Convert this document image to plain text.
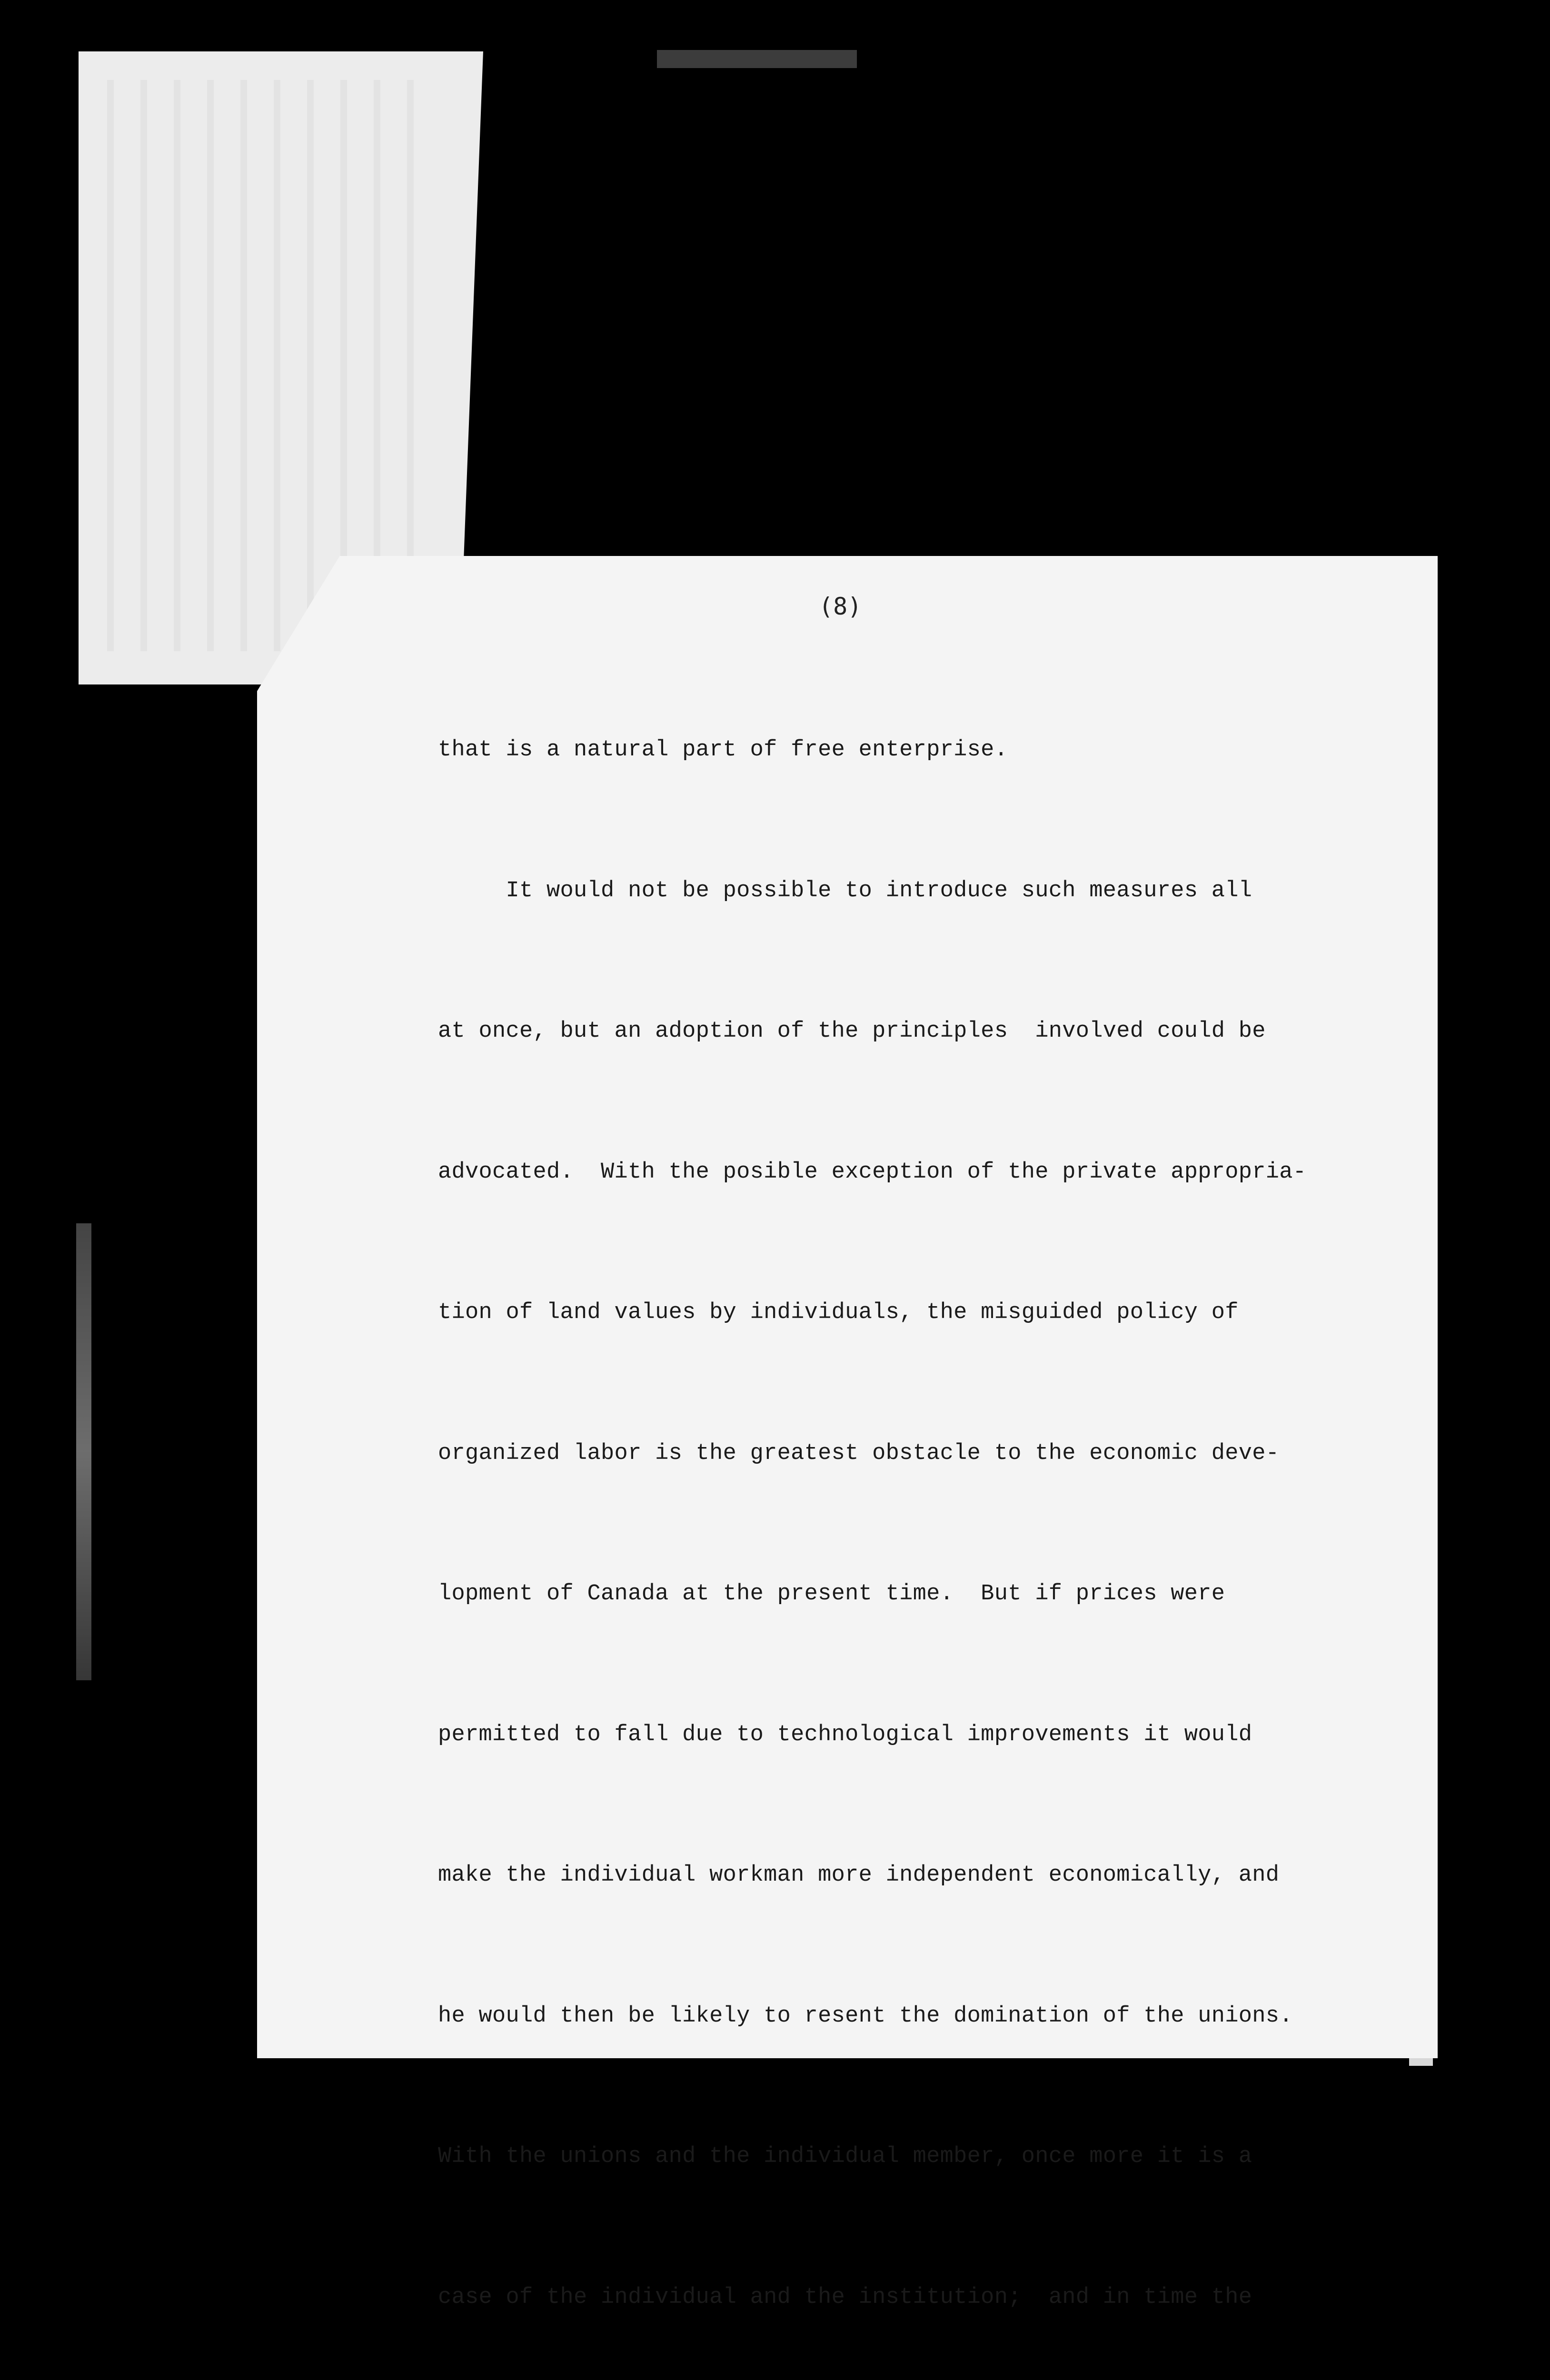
(8)

that is a natural part of free enterprise.

It would not be possible to introduce such measures all

at once, but an adoption of the principles  involved could be

advocated.  With the posible exception of the private appropria-

tion of land values by individuals, the misguided policy of

organized labor is the greatest obstacle to the economic deve-

lopment of Canada at the present time.  But if prices were

permitted to fall due to technological improvements it would

make the individual workman more independent economically, and

he would then be likely to resent the domination of the unions.

With the unions and the individual member, once more it is a

case of the individual and the institution;  and in time the
